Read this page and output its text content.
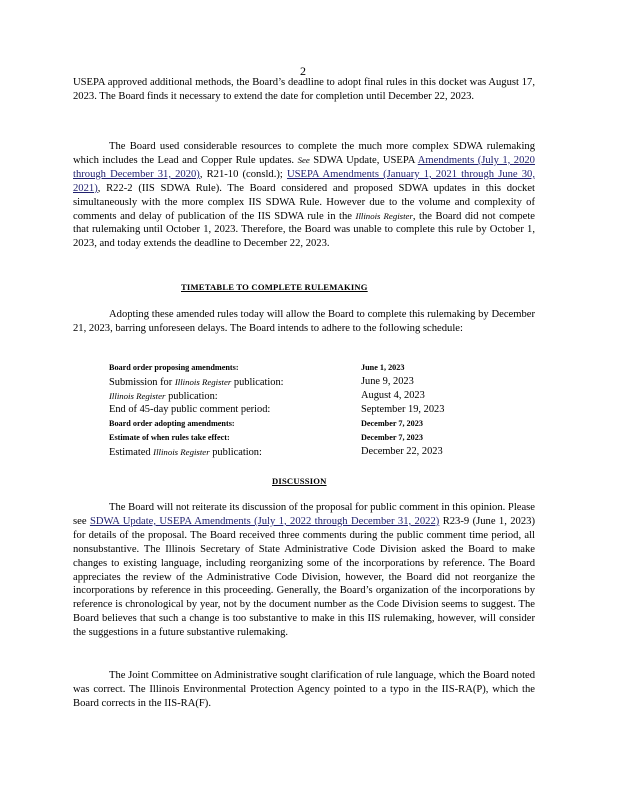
2

USEPA approved additional methods, the Board’s deadline to adopt final rules in this docket was August 17, 2023. The Board finds it necessary to extend the date for completion until December 22, 2023.

The Board used considerable resources to complete the much more complex SDWA rulemaking which includes the Lead and Copper Rule updates. See SDWA Update, USEPA Amendments (July 1, 2020 through December 31, 2020), R21-10 (consld.); USEPA Amendments (January 1, 2021 through June 30, 2021), R22-2 (IIS SDWA Rule). The Board considered and proposed SDWA updates in this docket simultaneously with the more complex IIS SDWA Rule. However due to the volume and complexity of comments and delay of publication of the IIS SDWA rule in the Illinois Register, the Board did not compete that rulemaking until October 1, 2023. Therefore, the Board was unable to complete this rule by October 1, 2023, and today extends the deadline to December 22, 2023.

TIMETABLE TO COMPLETE RULEMAKING

Adopting these amended rules today will allow the Board to complete this rulemaking by December 21, 2023, barring unforeseen delays. The Board intends to adhere to the following schedule:

Board order proposing amendments:	June 1, 2023
Submission for Illinois Register publication:	June 9, 2023
Illinois Register publication:	August 4, 2023
End of 45-day public comment period:	September 19, 2023
Board order adopting amendments:	December 7, 2023
Estimate of when rules take effect:	December 7, 2023
Estimated Illinois Register publication:	December 22, 2023
DISCUSSION

The Board will not reiterate its discussion of the proposal for public comment in this opinion. Please see SDWA Update, USEPA Amendments (July 1, 2022 through December 31, 2022) R23-9 (June 1, 2023) for details of the proposal. The Board received three comments during the public comment time period, all nonsubstantive. The Illinois Secretary of State Administrative Code Division asked the Board to make changes to existing language, including reorganizing some of the incorporations by reference. The Board appreciates the review of the Administrative Code Division, however, the Board did not reorganize the incorporations by reference in this proceeding. Generally, the Board’s organization of the incorporations by reference is chronological by year, not by the document number as the Code Division seems to suggest. The Board believes that such a change is too substantive to make in this IIS rulemaking, however, will consider the suggestions in a future substantive rulemaking.

The Joint Committee on Administrative sought clarification of rule language, which the Board noted was correct. The Illinois Environmental Protection Agency pointed to a typo in the IIS-RA(P), which the Board corrects in the IIS-RA(F).
